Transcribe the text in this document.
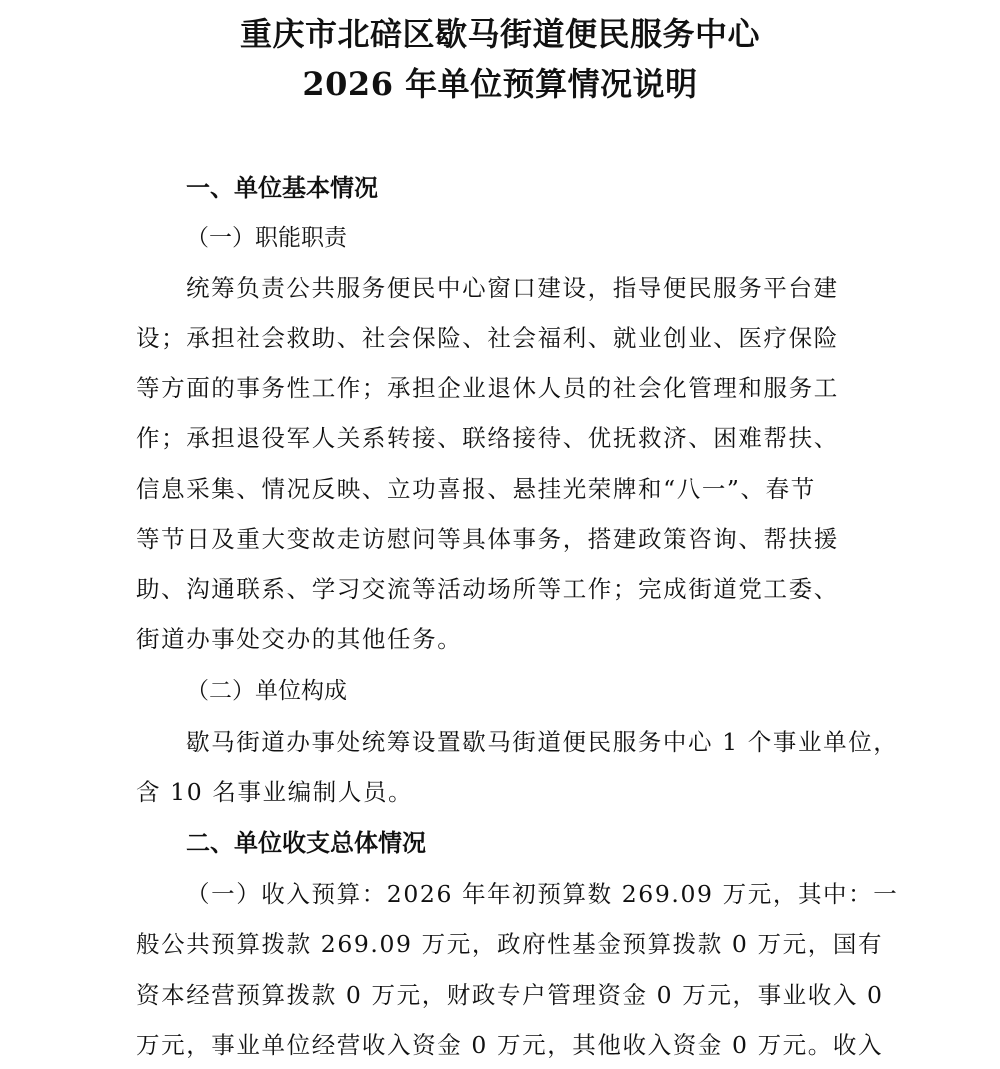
重庆市北碚区歇马街道便民服务中心
2026 年单位预算情况说明
一、单位基本情况
（一）职能职责
统筹负责公共服务便民中心窗口建设，指导便民服务平台建
设；承担社会救助、社会保险、社会福利、就业创业、医疗保险
等方面的事务性工作；承担企业退休人员的社会化管理和服务工
作；承担退役军人关系转接、联络接待、优抚救济、困难帮扶、
信息采集、情况反映、立功喜报、悬挂光荣牌和“八一”、春节
等节日及重大变故走访慰问等具体事务，搭建政策咨询、帮扶援
助、沟通联系、学习交流等活动场所等工作；完成街道党工委、
街道办事处交办的其他任务。
（二）单位构成
歇马街道办事处统筹设置歇马街道便民服务中心 1 个事业单位，
含 10 名事业编制人员。
二、单位收支总体情况
（一）收入预算：2026 年年初预算数 269.09 万元，其中：一
般公共预算拨款 269.09 万元，政府性基金预算拨款 0 万元，国有
资本经营预算拨款 0 万元，财政专户管理资金 0 万元，事业收入 0
万元，事业单位经营收入资金 0 万元，其他收入资金 0 万元。收入
